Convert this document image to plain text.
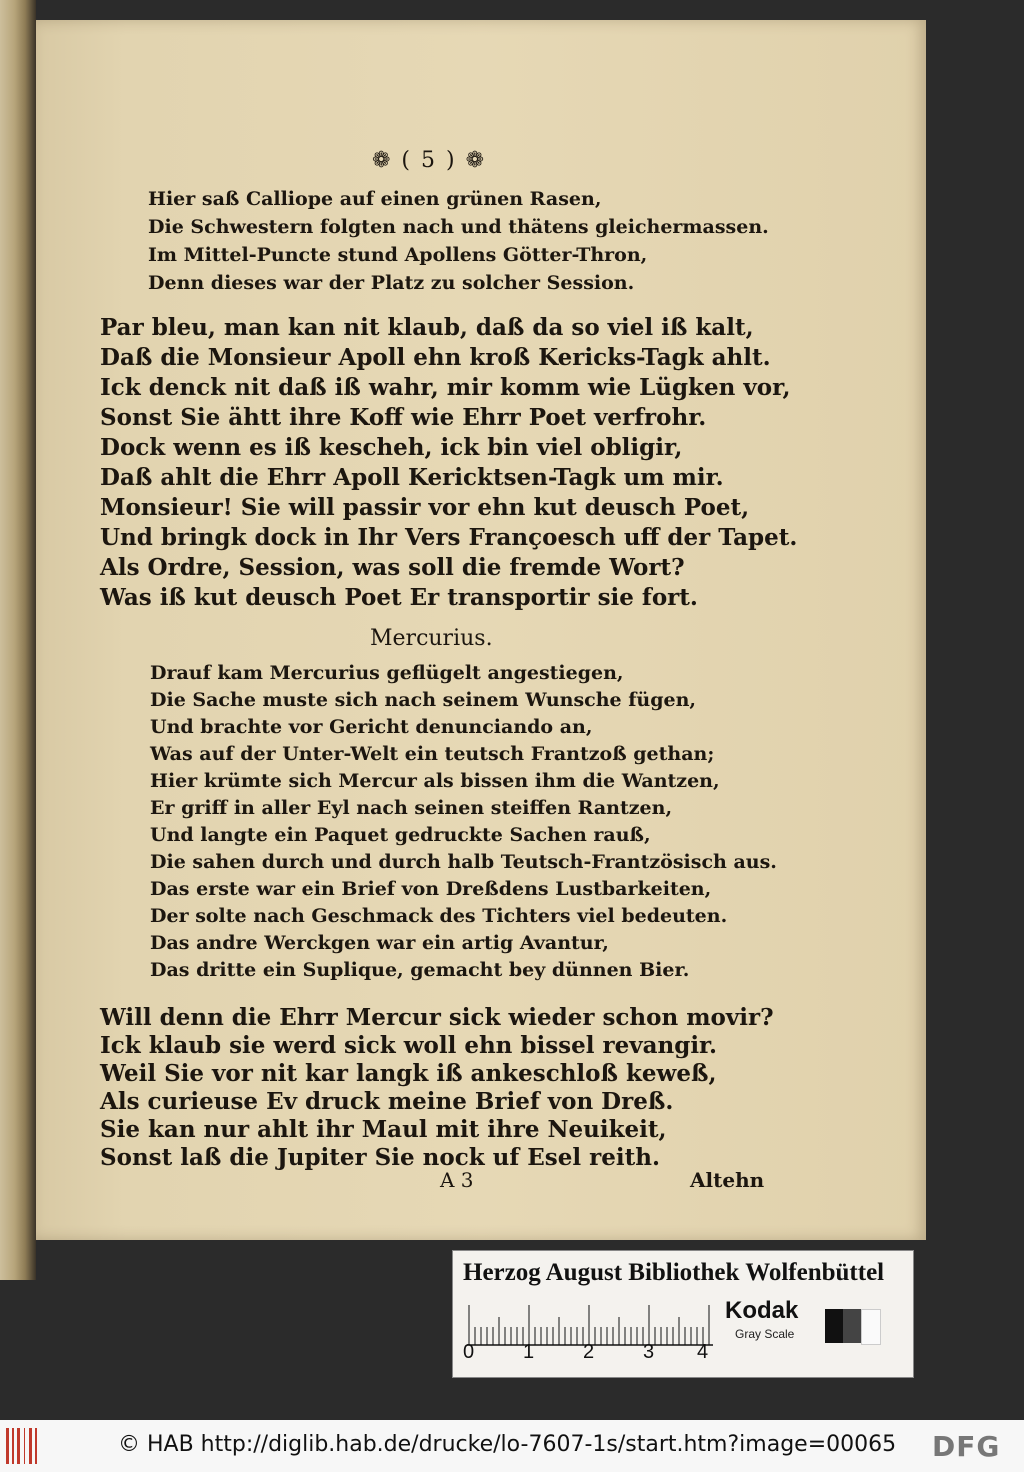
❁ ( 5 ) ❁
Hier saß Calliope auf einen grünen Rasen,
Die Schwestern folgten nach und thätens gleichermassen.
Im Mittel-Puncte stund Apollens Götter-Thron,
Denn dieses war der Platz zu solcher Session.
Par bleu, man kan nit klaub, daß da so viel iß kalt,
Daß die Monsieur Apoll ehn kroß Kericks-Tagk ahlt.
Ick denck nit daß iß wahr, mir komm wie Lügken vor,
Sonst Sie ähtt ihre Koff wie Ehrr Poet verfrohr.
Dock wenn es iß kescheh, ick bin viel obligir,
Daß ahlt die Ehrr Apoll Kericktsen-Tagk um mir.
Monsieur! Sie will passir vor ehn kut deusch Poet,
Und bringk dock in Ihr Vers Françoesch uff der Tapet.
Als Ordre, Session, was soll die fremde Wort?
Was iß kut deusch Poet Er transportir sie fort.
Mercurius.
Drauf kam Mercurius geflügelt angestiegen,
Die Sache muste sich nach seinem Wunsche fügen,
Und brachte vor Gericht denunciando an,
Was auf der Unter-Welt ein teutsch Frantzoß gethan;
Hier krümte sich Mercur als bissen ihm die Wantzen,
Er griff in aller Eyl nach seinen steiffen Rantzen,
Und langte ein Paquet gedruckte Sachen rauß,
Die sahen durch und durch halb Teutsch-Frantzösisch aus.
Das erste war ein Brief von Dreßdens Lustbarkeiten,
Der solte nach Geschmack des Tichters viel bedeuten.
Das andre Werckgen war ein artig Avantur,
Das dritte ein Suplique, gemacht bey dünnen Bier.
Will denn die Ehrr Mercur sick wieder schon movir?
Ick klaub sie werd sick woll ehn bissel revangir.
Weil Sie vor nit kar langk iß ankeschloß keweß,
Als curieuse Ev druck meine Brief von Dreß.
Sie kan nur ahlt ihr Maul mit ihre Neuikeit,
Sonst laß die Jupiter Sie nock uf Esel reith.
A 3	Altehn
Herzog August Bibliothek Wolfenbüttel
0 1 2 3 4
Kodak
Gray Scale
© HAB http://diglib.hab.de/drucke/lo-7607-1s/start.htm?image=00065 DFG
